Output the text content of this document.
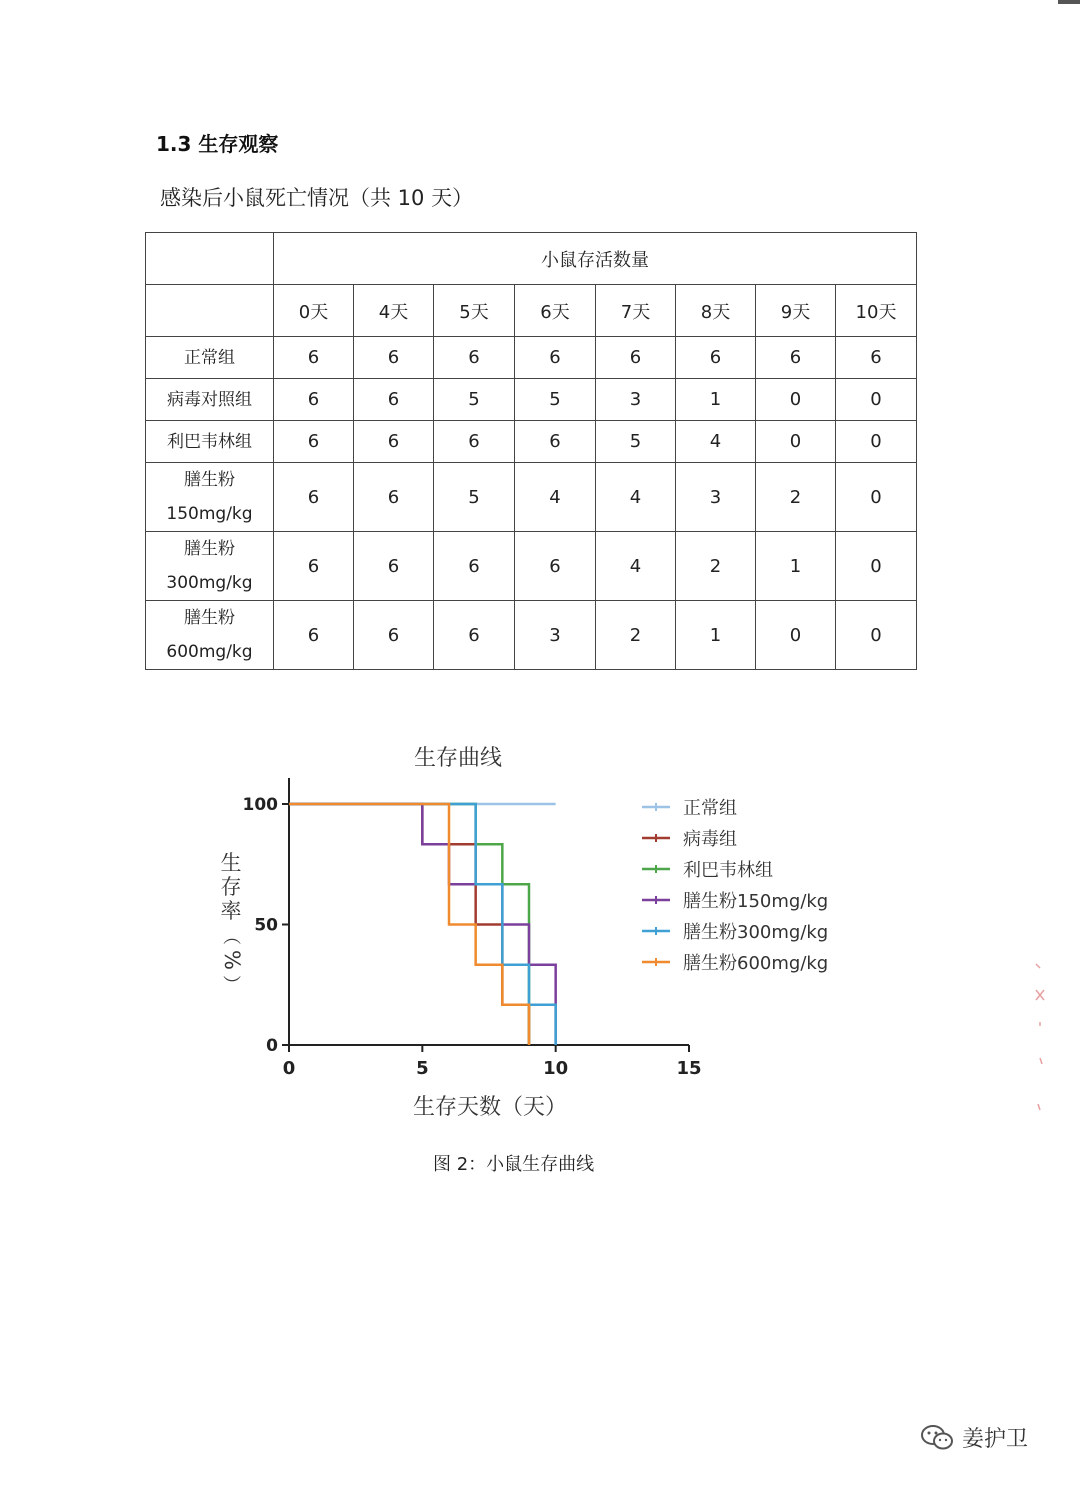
1.3 生存观察
感染后小鼠死亡情况（共 10 天）
	小鼠存活数量							
	0天	4天	5天	6天	7天	8天	9天	10天

正常组	6	6	6	6	6	6	6	6

病毒对照组	6	6	5	5	3	1	0	0

利巴韦林组	6	6	6	6	5	4	0	0

膳生粉
150mg/kg	6	6	5	4	4	3	2	0

膳生粉
300mg/kg	6	6	6	6	4	2	1	0

膳生粉
600mg/kg	6	6	6	3	2	1	0	0
生存曲线
0	5	10	15
0
50
100
生
存
率
（
%
）
生存天数（天）
正常组
病毒组
利巴韦林组
膳生粉150mg/kg
膳生粉300mg/kg
膳生粉600mg/kg
图 2：小鼠生存曲线
姜护卫
